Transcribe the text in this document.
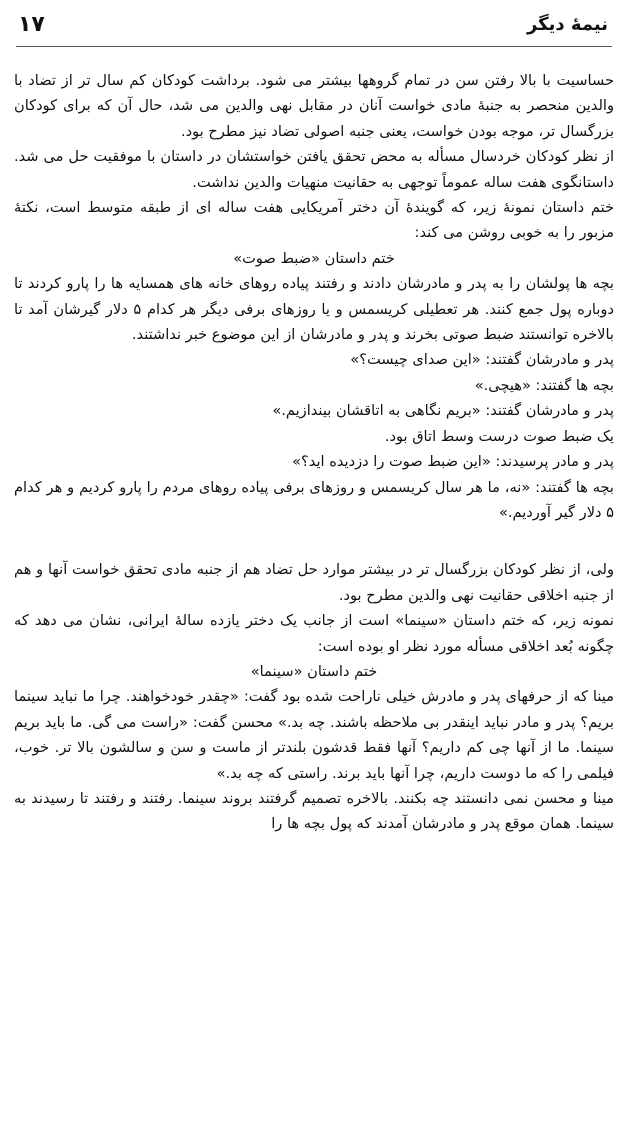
نیمهٔ دیگر
۱۷

حساسیت با بالا رفتن سن در تمام گروهها بیشتر می شود. برداشت کودکان کم سال تر از تضاد با والدین منحصر به جنبهٔ مادی خواست آنان در مقابل نهی والدین می شد، حال آن که برای کودکان بزرگسال تر، موجه بودن خواست، یعنی جنبه اصولی تضاد نیز مطرح بود.

از نظر کودکان خردسال مسأله به محض تحقق یافتن خواستشان در داستان با موفقیت حل می شد. داستانگوی هفت ساله عموماً توجهی به حقانیت منهیات والدین نداشت.

ختم داستان نمونهٔ زیر، که گویندهٔ آن دختر آمریکایی هفت ساله ای از طبقه متوسط است، نکتهٔ مزبور را به خوبی روشن می کند:

ختم داستان «ضبط صوت»

بچه ها پولشان را به پدر و مادرشان دادند و رفتند پیاده روهای خانه های همسایه ها را پارو کردند تا دوباره پول جمع کنند. هر تعطیلی کریسمس و یا روزهای برفی دیگر هر کدام ۵ دلار گیرشان آمد تا بالاخره توانستند ضبط صوتی بخرند و پدر و مادرشان از این موضوع خبر نداشتند.

پدر و مادرشان گفتند: «این صدای چیست؟»

بچه ها گفتند: «هیچی.»

پدر و مادرشان گفتند: «بریم نگاهی به اتاقشان بیندازیم.»

یک ضبط صوت درست وسط اتاق بود.

پدر و مادر پرسیدند: «این ضبط صوت را دزدیده اید؟»

بچه ها گفتند: «نه، ما هر سال کریسمس و روزهای برفی پیاده روهای مردم را پارو کردیم و هر کدام ۵ دلار گیر آوردیم.»

ولی، از نظر کودکان بزرگسال تر در بیشتر موارد حل تضاد هم از جنبه مادی تحقق خواست آنها و هم از جنبه اخلاقی حقانیت نهی والدین مطرح بود.

نمونه زیر، که ختم داستان «سینما» است از جانب یک دختر یازده سالهٔ ایرانی، نشان می دهد که چگونه بُعد اخلاقی مسأله مورد نظر او بوده است:

ختم داستان «سینما»

مینا که از حرفهای پدر و مادرش خیلی ناراحت شده بود گفت: «چقدر خودخواهند. چرا ما نباید سینما بریم؟ پدر و مادر نباید اینقدر بی ملاحظه باشند. چه بد.» محسن گفت: «راست می گی. ما باید بریم سینما. ما از آنها چی کم داریم؟ آنها فقط قدشون بلندتر از ماست و سن و سالشون بالا تر. خوب، فیلمی را که ما دوست داریم، چرا آنها باید برند. راستی که چه بد.»

مینا و محسن نمی دانستند چه بکنند. بالاخره تصمیم گرفتند بروند سینما. رفتند و رفتند تا رسیدند به سینما. همان موقع پدر و مادرشان آمدند که پول بچه ها را
